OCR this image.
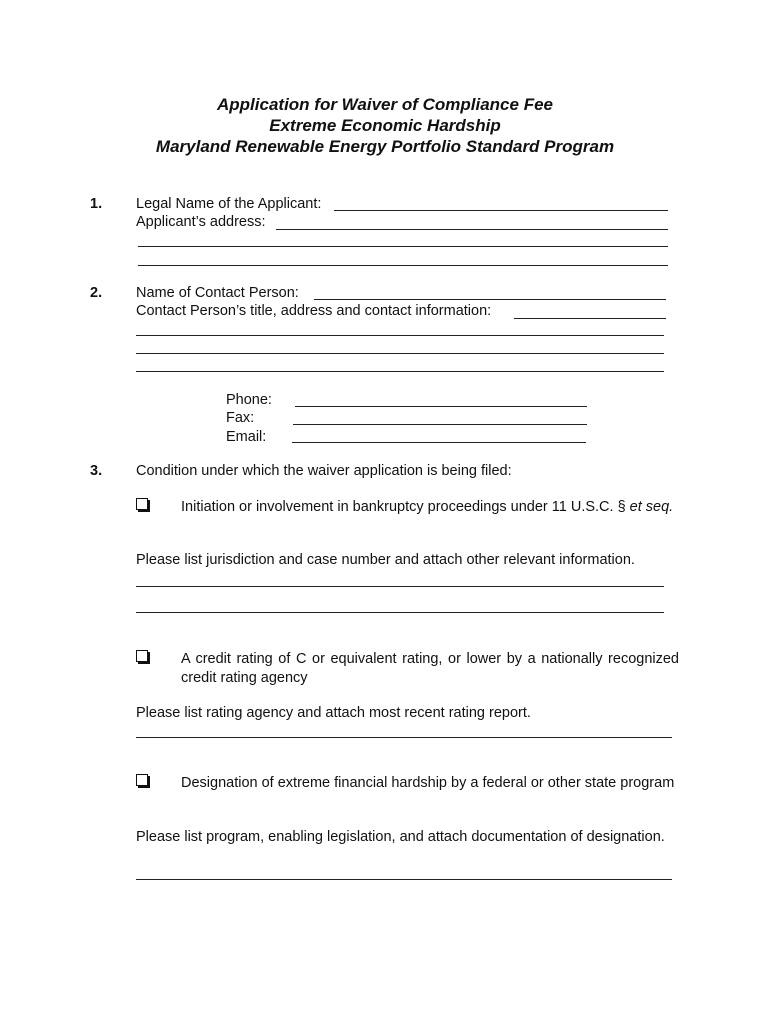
Application for Waiver of Compliance Fee
Extreme Economic Hardship
Maryland Renewable Energy Portfolio Standard Program
1. Legal Name of the Applicant:
Applicant’s address:
2. Name of Contact Person:
Contact Person’s title, address and contact information:
Phone:
Fax:
Email:
3. Condition under which the waiver application is being filed:
Initiation or involvement in bankruptcy proceedings under 11 U.S.C. § et seq.
Please list jurisdiction and case number and attach other relevant information.
A credit rating of C or equivalent rating, or lower by a nationally recognized credit rating agency
Please list rating agency and attach most recent rating report.
Designation of extreme financial hardship by a federal or other state program
Please list program, enabling legislation, and attach documentation of designation.
